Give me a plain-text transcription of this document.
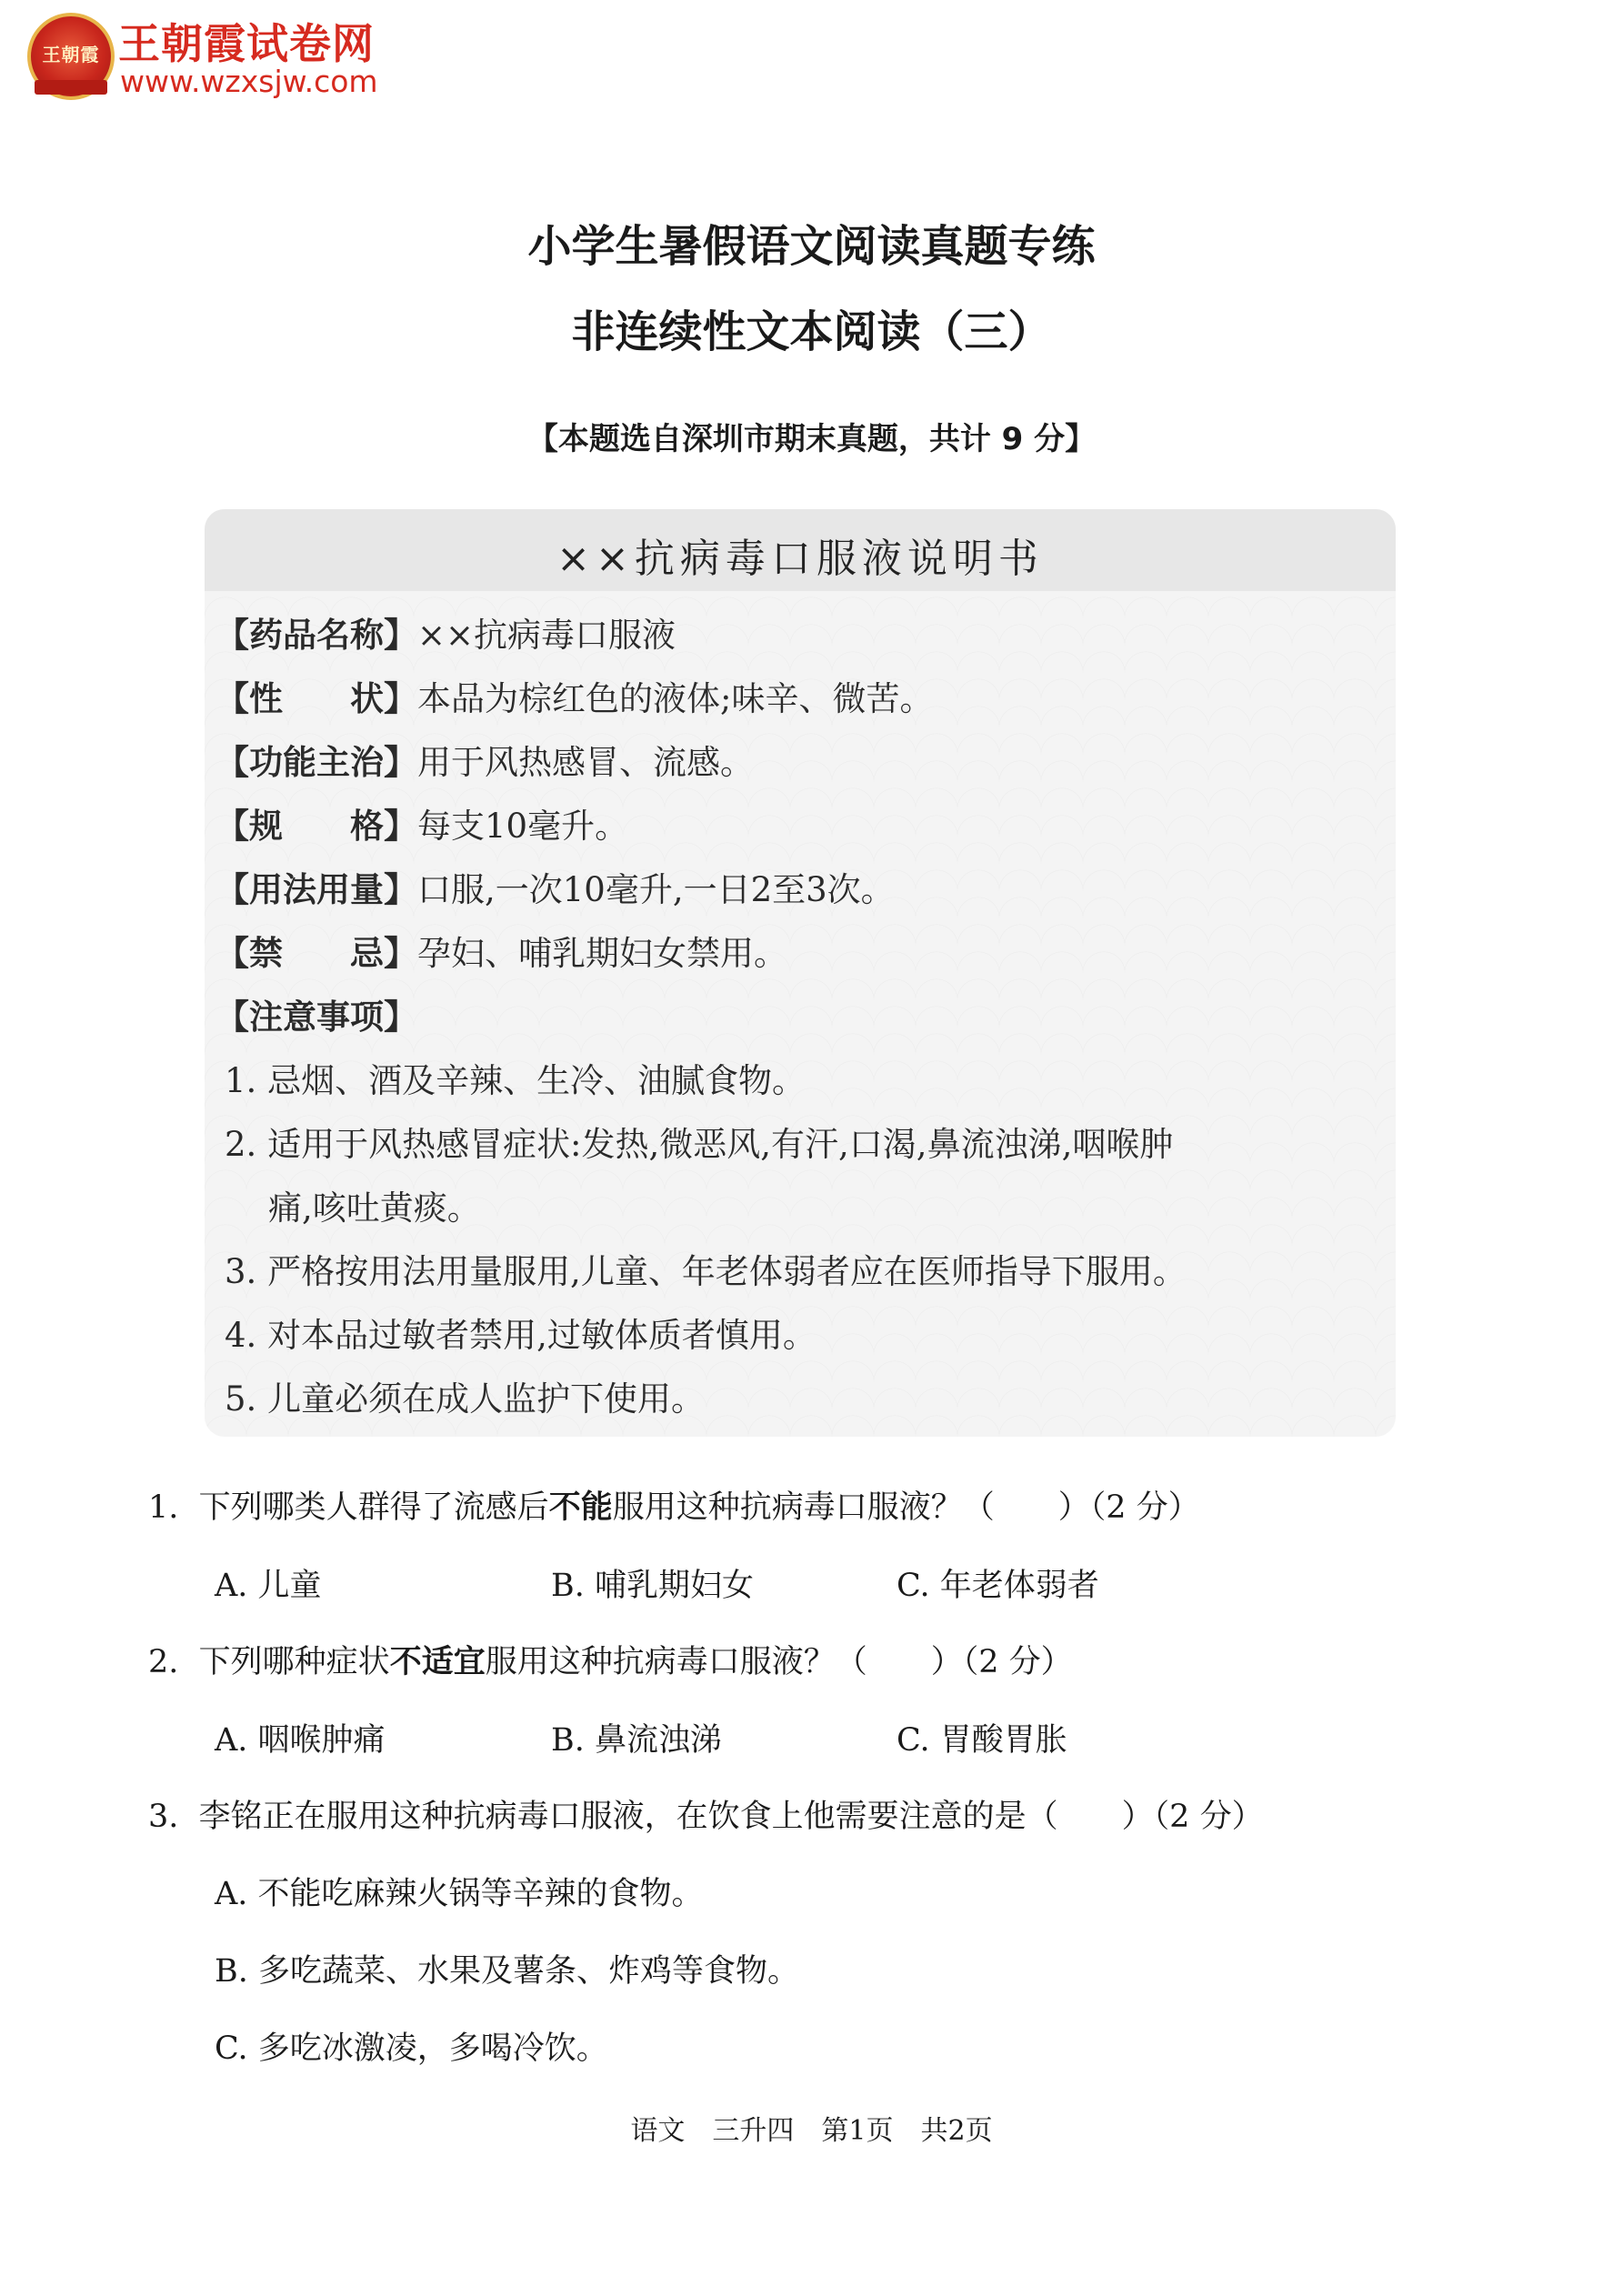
王朝霞 王朝霞试卷网
www.wzxsjw.com
小学生暑假语文阅读真题专练
非连续性文本阅读（三）
【本题选自深圳市期末真题，共计 9 分】
××抗病毒口服液说明书
【药品名称】××抗病毒口服液
【性　　状】本品为棕红色的液体;味辛、微苦。
【功能主治】用于风热感冒、流感。
【规　　格】每支10毫升。
【用法用量】口服,一次10毫升,一日2至3次。
【禁　　忌】孕妇、哺乳期妇女禁用。
【注意事项】
1. 忌烟、酒及辛辣、生冷、油腻食物。
2. 适用于风热感冒症状:发热,微恶风,有汗,口渴,鼻流浊涕,咽喉肿
痛,咳吐黄痰。
3. 严格按用法用量服用,儿童、年老体弱者应在医师指导下服用。
4. 对本品过敏者禁用,过敏体质者慎用。
5. 儿童必须在成人监护下使用。
1. 下列哪类人群得了流感后不能服用这种抗病毒口服液？（　　）（2 分）
A. 儿童	B. 哺乳期妇女	C. 年老体弱者
2. 下列哪种症状不适宜服用这种抗病毒口服液？（　　）（2 分）
A. 咽喉肿痛	B. 鼻流浊涕	C. 胃酸胃胀
3. 李铭正在服用这种抗病毒口服液，在饮食上他需要注意的是（　　）（2 分）
A. 不能吃麻辣火锅等辛辣的食物。
B. 多吃蔬菜、水果及薯条、炸鸡等食物。
C. 多吃冰激凌，多喝冷饮。
语文　三升四　第1页　共2页
